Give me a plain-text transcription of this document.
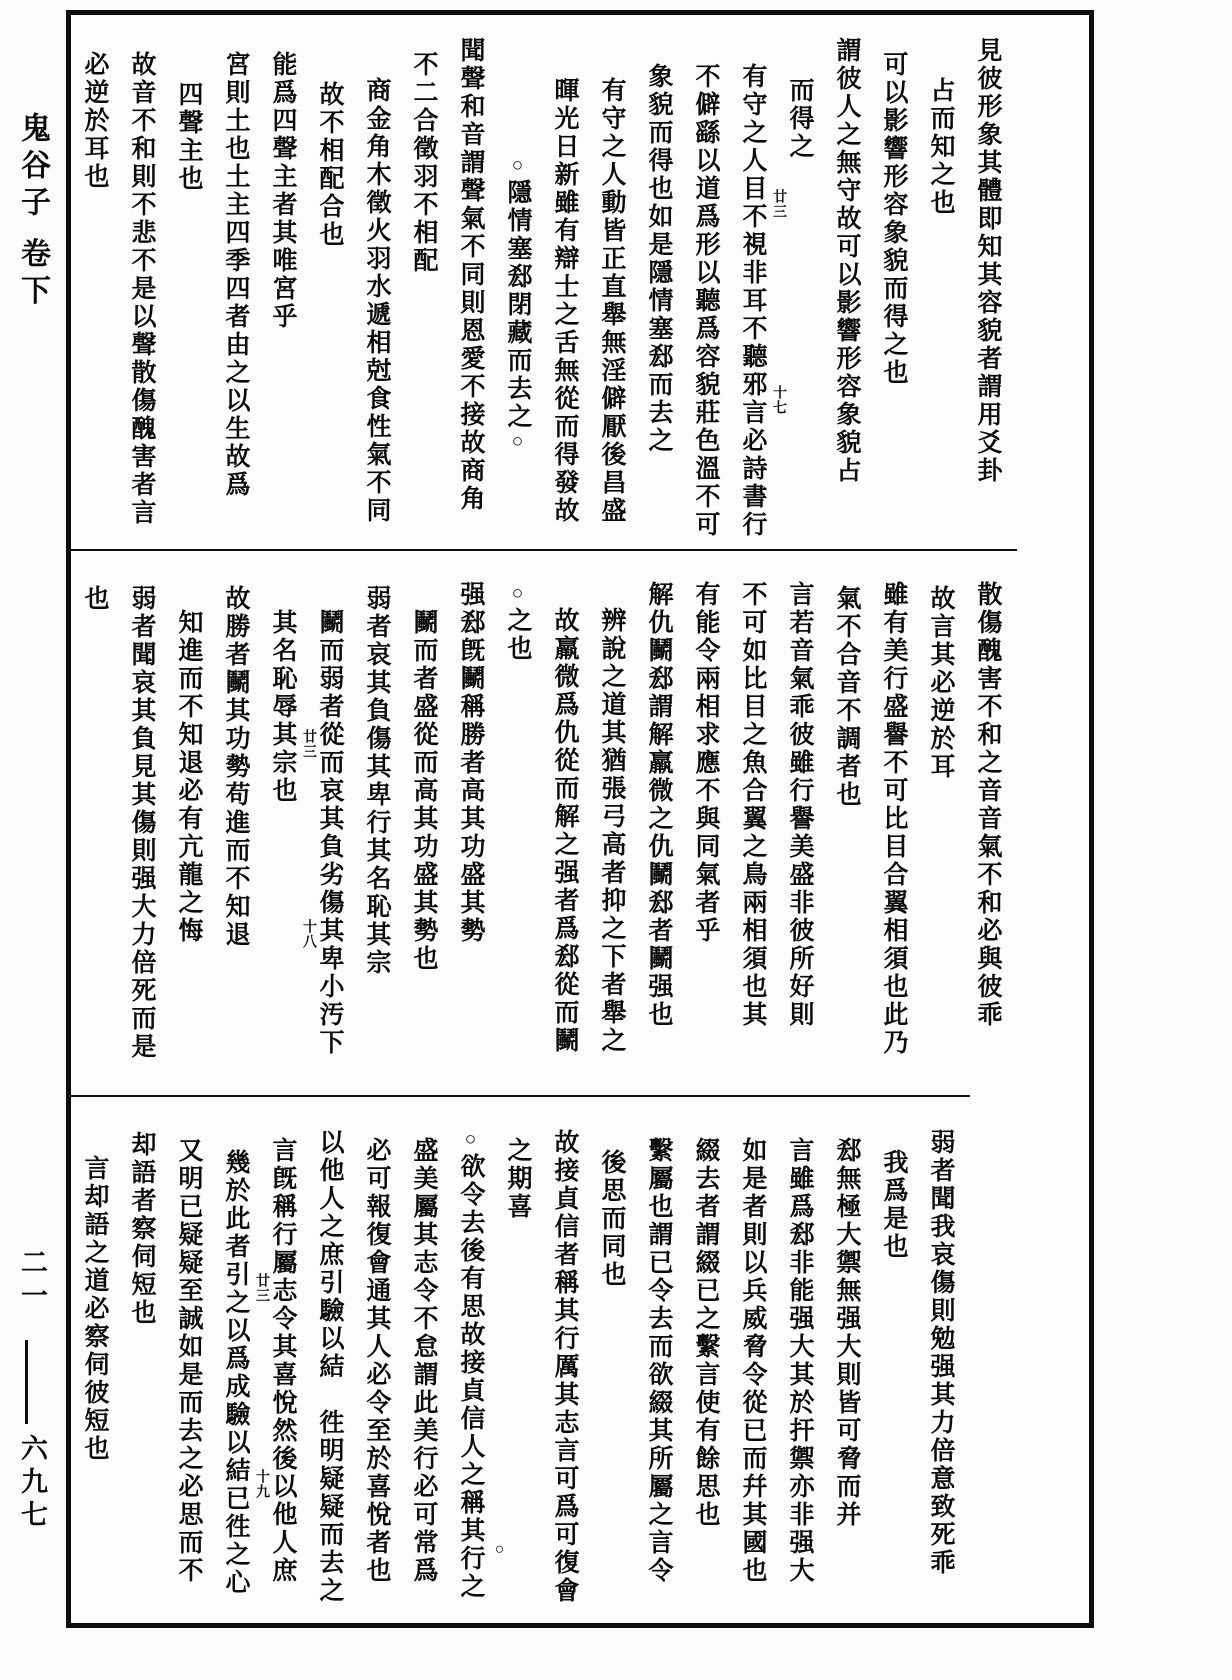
鬼谷子 卷下
二一
六九七
見彼形象其體即知其容貌者謂用爻卦
占而知之也
可以影響形容象貌而得之也
謂彼人之無守故可以影響形容象貌占
而得之
廿三
十七
有守之人目不視非耳不聽邪言必詩書行
不僻繇以道爲形以聽爲容貌莊色溫不可
象貌而得也如是隱情塞郄而去之
有守之人動皆正直舉無淫僻厭後昌盛
暉光日新雖有辯士之舌無從而得發故
○隱情塞郄閉藏而去之○
聞聲和音謂聲氣不同則恩愛不接故商角
不二合徵羽不相配
商金角木徵火羽水遞相尅食性氣不同
故不相配合也
能爲四聲主者其唯宮乎
宮則土也土主四季四者由之以生故爲
四聲主也
故音不和則不悲不是以聲散傷醜害者言
必逆於耳也
散傷醜害不和之音音氣不和必與彼乖
故言其必逆於耳
雖有美行盛譽不可比目合翼相須也此乃
氣不合音不調者也
言若音氣乖彼雖行譽美盛非彼所好則
不可如比目之魚合翼之鳥兩相須也其
有能令兩相求應不與同氣者乎
解仇鬭郄謂解羸微之仇鬭郄者鬭强也
辨說之道其猶張弓高者抑之下者舉之
故羸微爲仇從而解之强者爲郄從而鬭
○之也
强郄旣鬭稱勝者高其功盛其勢
鬭而者盛從而高其功盛其勢也
弱者哀其負傷其卑行其名恥其宗
鬭而弱者從而哀其負劣傷其卑小汚下
廿三
十八
其名恥辱其宗也
故勝者鬭其功勢苟進而不知退
知進而不知退必有亢龍之悔
弱者聞哀其負見其傷則强大力倍死而是
也
弱者聞我哀傷則勉强其力倍意致死乖
我爲是也
郄無極大禦無强大則皆可脅而并
言雖爲郄非能强大其於扞禦亦非强大
如是者則以兵威脅令從已而幷其國也
綴去者謂綴已之繫言使有餘思也
繫屬也謂已令去而欲綴其所屬之言令
後思而同也
故接貞信者稱其行厲其志言可爲可復會
之期喜
○欲令去後有思故接貞信人之稱其行之 ○
盛美屬其志令不怠謂此美行必可常爲
必可報復會通其人必令至於喜悅者也
以他人之庶引驗以結　徃明疑疑而去之
言旣稱行屬志令其喜悅然後以他人庶
廿三
十九
幾於此者引之以爲成驗以結已徃之心
又明已疑疑至誠如是而去之必思而不
却語者察伺短也
言却語之道必察伺彼短也
